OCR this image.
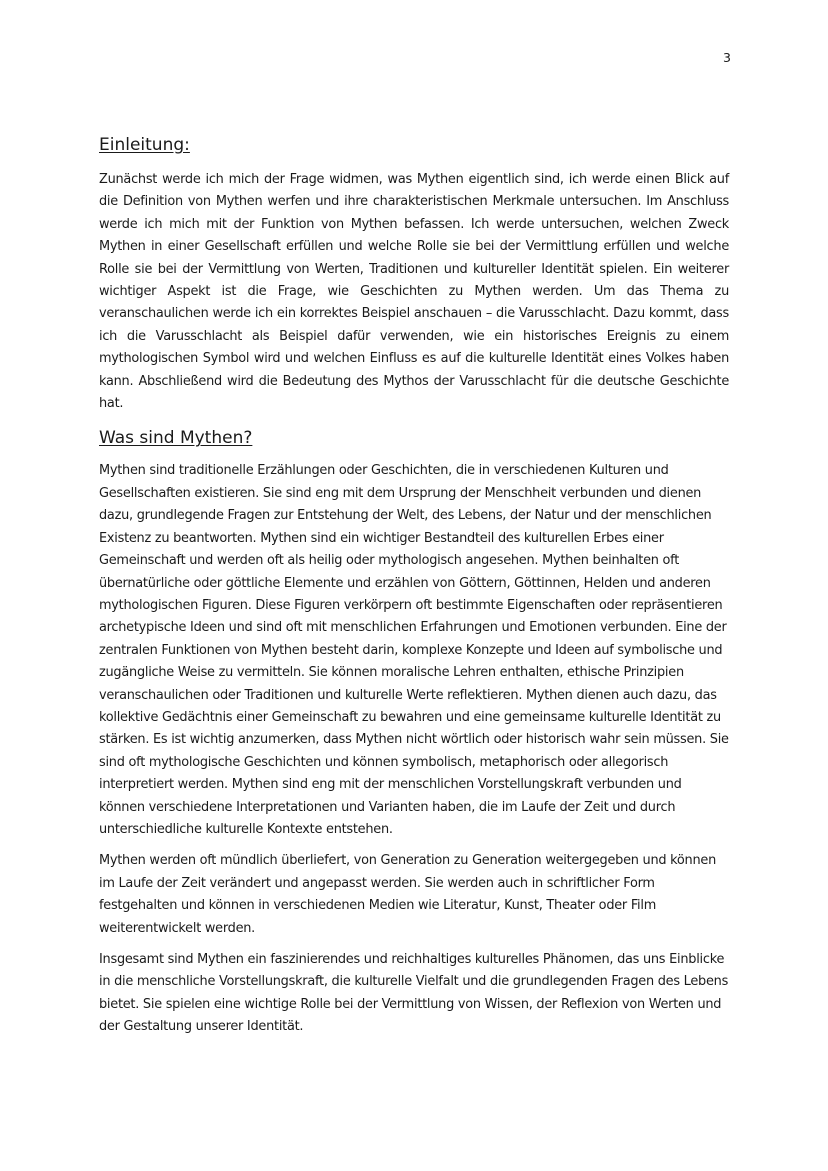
3
Einleitung:

Zunächst werde ich mich der Frage widmen, was Mythen eigentlich sind, ich werde einen Blick auf die Definition von Mythen werfen und ihre charakteristischen Merkmale untersuchen. Im Anschluss werde ich mich mit der Funktion von Mythen befassen. Ich werde untersuchen, welchen Zweck Mythen in einer Gesellschaft erfüllen und welche Rolle sie bei der Vermittlung erfüllen und welche Rolle sie bei der Vermittlung von Werten, Traditionen und kultureller Identität spielen. Ein weiterer wichtiger Aspekt ist die Frage, wie Geschichten zu Mythen werden. Um das Thema zu veranschaulichen werde ich ein korrektes Beispiel anschauen – die Varusschlacht. Dazu kommt, dass ich die Varusschlacht als Beispiel dafür verwenden, wie ein historisches Ereignis zu einem mythologischen Symbol wird und welchen Einfluss es auf die kulturelle Identität eines Volkes haben kann. Abschließend wird die Bedeutung des Mythos der Varusschlacht für die deutsche Geschichte hat.

Was sind Mythen?

Mythen sind traditionelle Erzählungen oder Geschichten, die in verschiedenen Kulturen und Gesellschaften existieren. Sie sind eng mit dem Ursprung der Menschheit verbunden und dienen dazu, grundlegende Fragen zur Entstehung der Welt, des Lebens, der Natur und der menschlichen Existenz zu beantworten. Mythen sind ein wichtiger Bestandteil des kulturellen Erbes einer Gemeinschaft und werden oft als heilig oder mythologisch angesehen. Mythen beinhalten oft übernatürliche oder göttliche Elemente und erzählen von Göttern, Göttinnen, Helden und anderen mythologischen Figuren. Diese Figuren verkörpern oft bestimmte Eigenschaften oder repräsentieren archetypische Ideen und sind oft mit menschlichen Erfahrungen und Emotionen verbunden. Eine der zentralen Funktionen von Mythen besteht darin, komplexe Konzepte und Ideen auf symbolische und zugängliche Weise zu vermitteln. Sie können moralische Lehren enthalten, ethische Prinzipien veranschaulichen oder Traditionen und kulturelle Werte reflektieren. Mythen dienen auch dazu, das kollektive Gedächtnis einer Gemeinschaft zu bewahren und eine gemeinsame kulturelle Identität zu stärken. Es ist wichtig anzumerken, dass Mythen nicht wörtlich oder historisch wahr sein müssen. Sie sind oft mythologische Geschichten und können symbolisch, metaphorisch oder allegorisch interpretiert werden. Mythen sind eng mit der menschlichen Vorstellungskraft verbunden und können verschiedene Interpretationen und Varianten haben, die im Laufe der Zeit und durch unterschiedliche kulturelle Kontexte entstehen.

Mythen werden oft mündlich überliefert, von Generation zu Generation weitergegeben und können im Laufe der Zeit verändert und angepasst werden. Sie werden auch in schriftlicher Form festgehalten und können in verschiedenen Medien wie Literatur, Kunst, Theater oder Film weiterentwickelt werden.

Insgesamt sind Mythen ein faszinierendes und reichhaltiges kulturelles Phänomen, das uns Einblicke in die menschliche Vorstellungskraft, die kulturelle Vielfalt und die grundlegenden Fragen des Lebens bietet. Sie spielen eine wichtige Rolle bei der Vermittlung von Wissen, der Reflexion von Werten und der Gestaltung unserer Identität.
